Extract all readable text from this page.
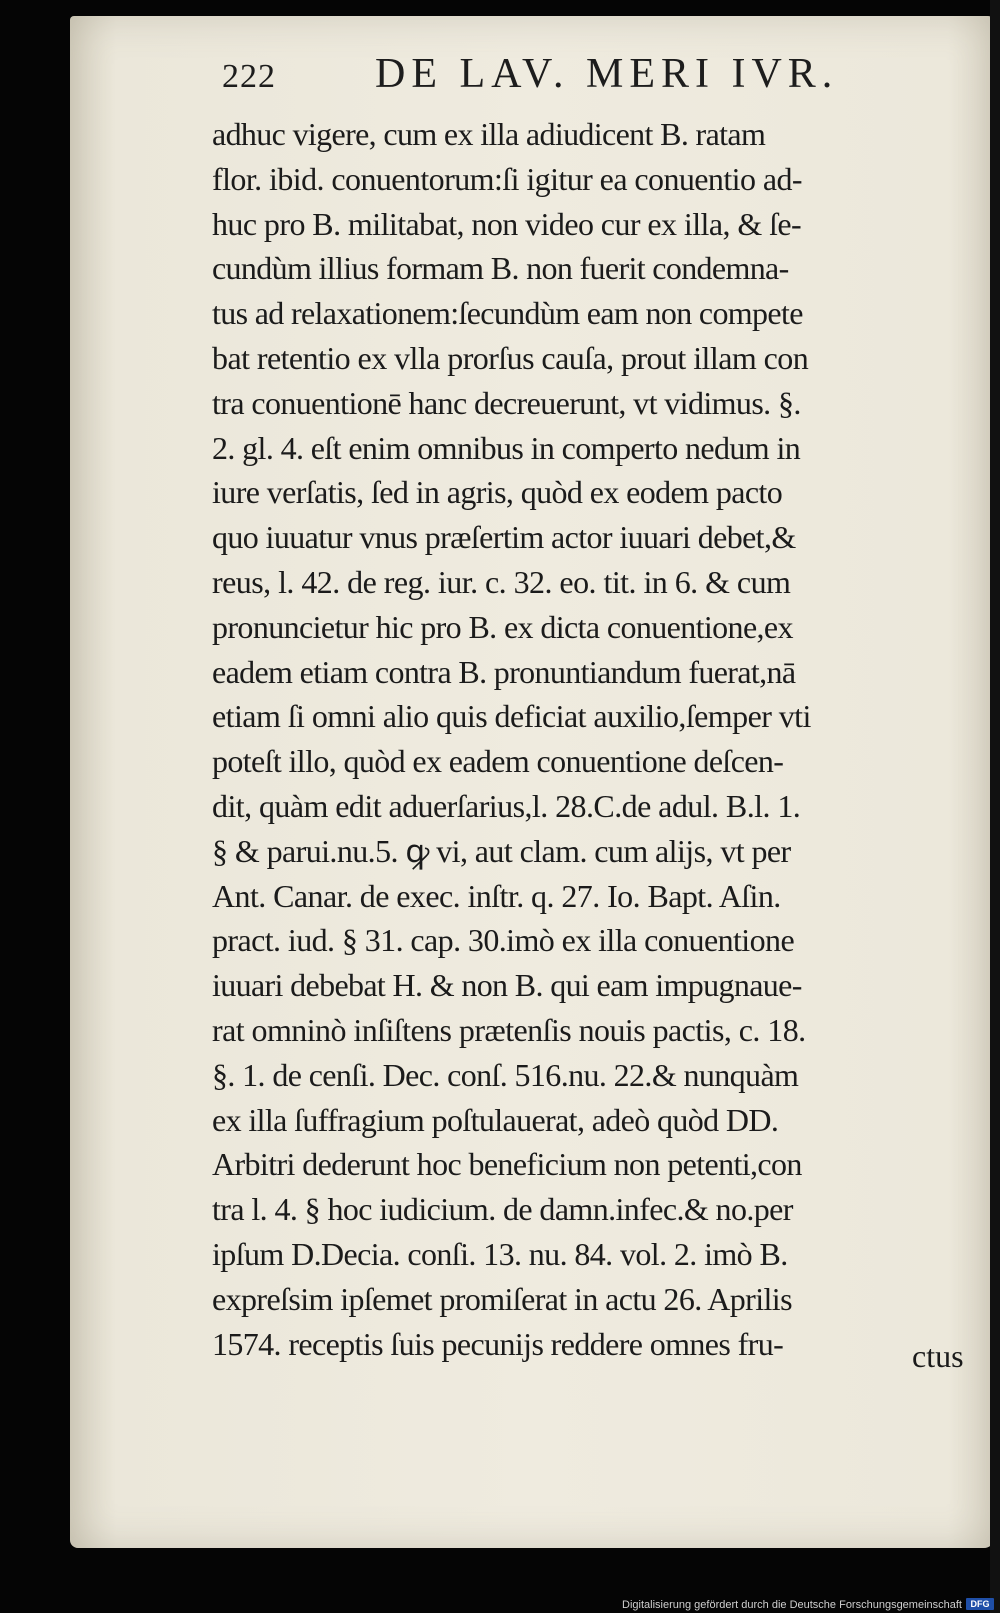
222 DE LAV. MERI IVR.
adhuc vigere, cum ex illa adiudicent B. ratam
flor. ibid. conuentorum:ſi igitur ea conuentio ad-
huc pro B. militabat, non video cur ex illa, & ſe-
cundùm illius formam B. non fuerit condemna-
tus ad relaxationem:ſecundùm eam non compete
bat retentio ex vlla prorſus cauſa, prout illam con
tra conuentionē hanc decreuerunt, vt vidimus. §.
2. gl. 4. eſt enim omnibus in comperto nedum in
iure verſatis, ſed in agris, quòd ex eodem pacto
quo iuuatur vnus præſertim actor iuuari debet,&
reus, l. 42. de reg. iur. c. 32. eo. tit. in 6. & cum
pronuncietur hic pro B. ex dicta conuentione,ex
eadem etiam contra B. pronuntiandum fuerat,nā
etiam ſi omni alio quis deficiat auxilio,ſemper vti
poteſt illo, quòd ex eadem conuentione deſcen-
dit, quàm edit aduerſarius,l. 28.C.de adul. B.l. 1.
§ & parui.nu.5. ꝙ vi, aut clam. cum alijs, vt per
Ant. Canar. de exec. inſtr. q. 27. Io. Bapt. Aſin.
pract. iud. § 31. cap. 30.imò ex illa conuentione
iuuari debebat H. & non B. qui eam impugnaue-
rat omninò inſiſtens prætenſis nouis pactis, c. 18.
§. 1. de cenſi. Dec. conſ. 516.nu. 22.& nunquàm
ex illa ſuffragium poſtulauerat, adeò quòd DD.
Arbitri dederunt hoc beneficium non petenti,con
tra l. 4. § hoc iudicium. de damn.infec.& no.per
ipſum D.Decia. conſi. 13. nu. 84. vol. 2. imò B.
expreſsim ipſemet promiſerat in actu 26. Aprilis
1574. receptis ſuis pecunijs reddere omnes fru-	ctus
Digitalisierung gefördert durch die Deutsche Forschungsgemeinschaft DFG
